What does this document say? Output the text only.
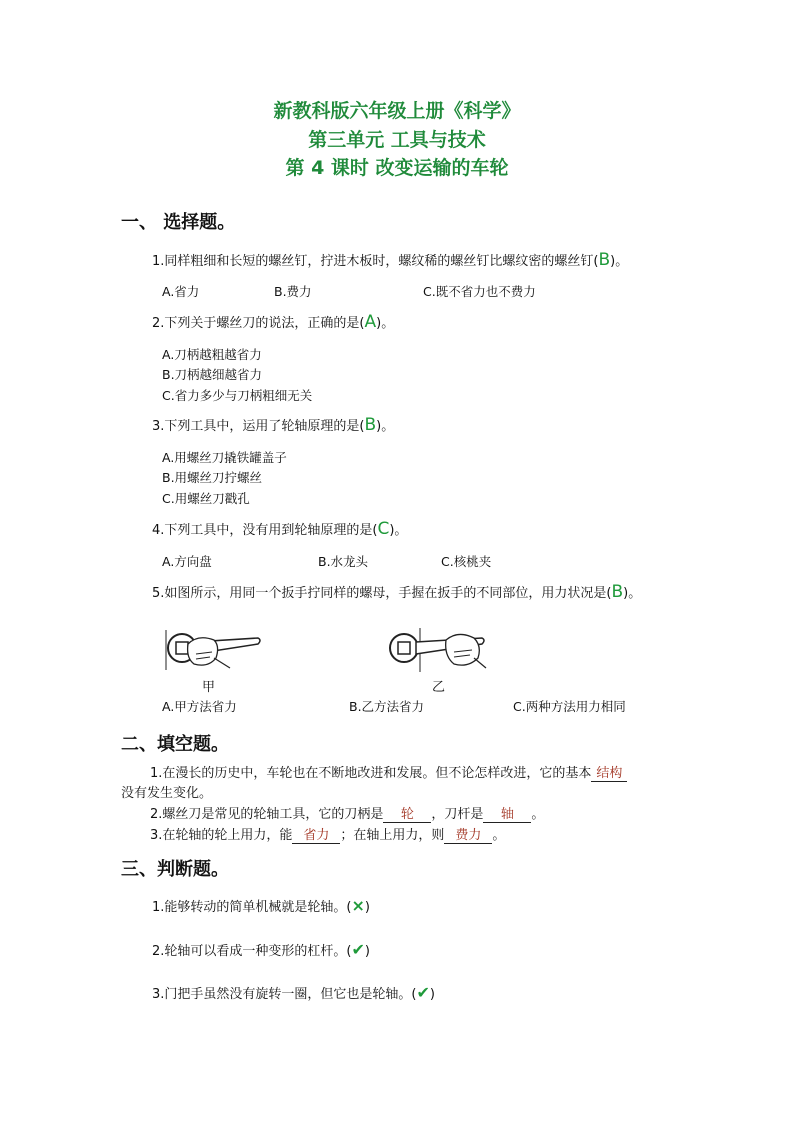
新教科版六年级上册《科学》
第三单元 工具与技术
第 4 课时 改变运输的车轮
一、 选择题。
1.同样粗细和长短的螺丝钉，拧进木板时，螺纹稀的螺丝钉比螺纹密的螺丝钉(B)。
A.省力	B.费力	C.既不省力也不费力
2.下列关于螺丝刀的说法，正确的是(A)。
A.刀柄越粗越省力
B.刀柄越细越省力
C.省力多少与刀柄粗细无关
3.下列工具中，运用了轮轴原理的是(B)。
A.用螺丝刀撬铁罐盖子
B.用螺丝刀拧螺丝
C.用螺丝刀戳孔
4.下列工具中，没有用到轮轴原理的是(C)。
A.方向盘	B.水龙头	C.核桃夹
5.如图所示，用同一个扳手拧同样的螺母，手握在扳手的不同部位，用力状况是(B)。
甲	乙
A.甲方法省力	B.乙方法省力	C.两种方法用力相同
二、填空题。
1.在漫长的历史中，车轮也在不断地改进和发展。但不论怎样改进，它的基本 结构
没有发生变化。
2.螺丝刀是常见的轮轴工具，它的刀柄是 轮 ，刀杆是 轴 。
3.在轮轴的轮上用力，能 省力 ；在轴上用力，则 费力 。
三、判断题。
1.能够转动的简单机械就是轮轴。(×)
2.轮轴可以看成一种变形的杠杆。(✔)
3.门把手虽然没有旋转一圈，但它也是轮轴。(✔)
